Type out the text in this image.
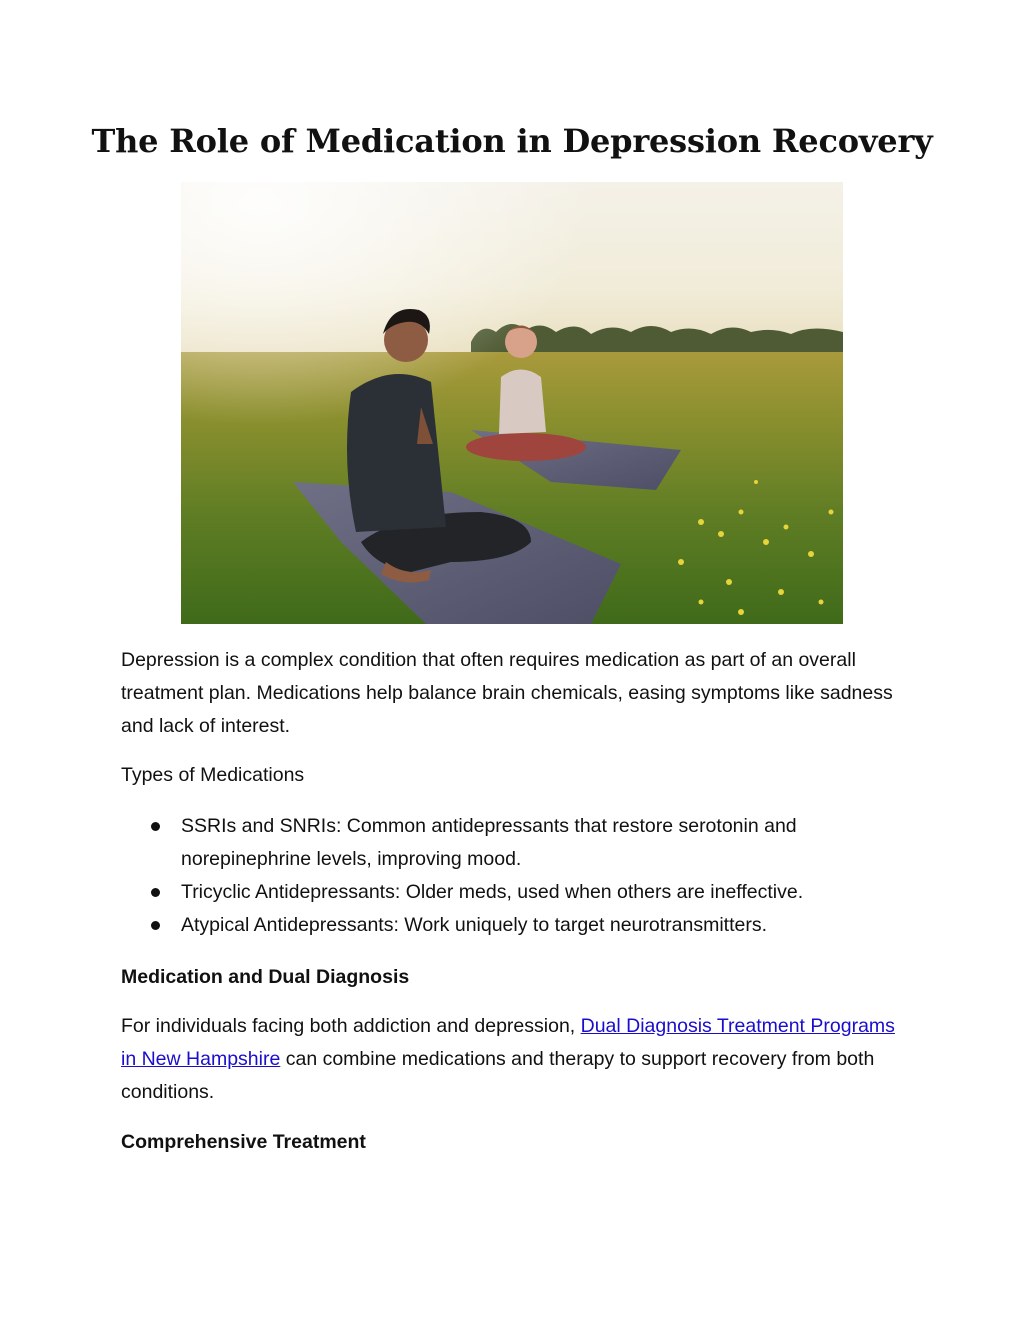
The Role of Medication in Depression Recovery
Depression is a complex condition that often requires medication as part of an overall treatment plan. Medications help balance brain chemicals, easing symptoms like sadness and lack of interest.
Types of Medications
SSRIs and SNRIs: Common antidepressants that restore serotonin and norepinephrine levels, improving mood.
Tricyclic Antidepressants: Older meds, used when others are ineffective.
Atypical Antidepressants: Work uniquely to target neurotransmitters.
Medication and Dual Diagnosis
For individuals facing both addiction and depression, Dual Diagnosis Treatment Programs in New Hampshire can combine medications and therapy to support recovery from both conditions.
Comprehensive Treatment
